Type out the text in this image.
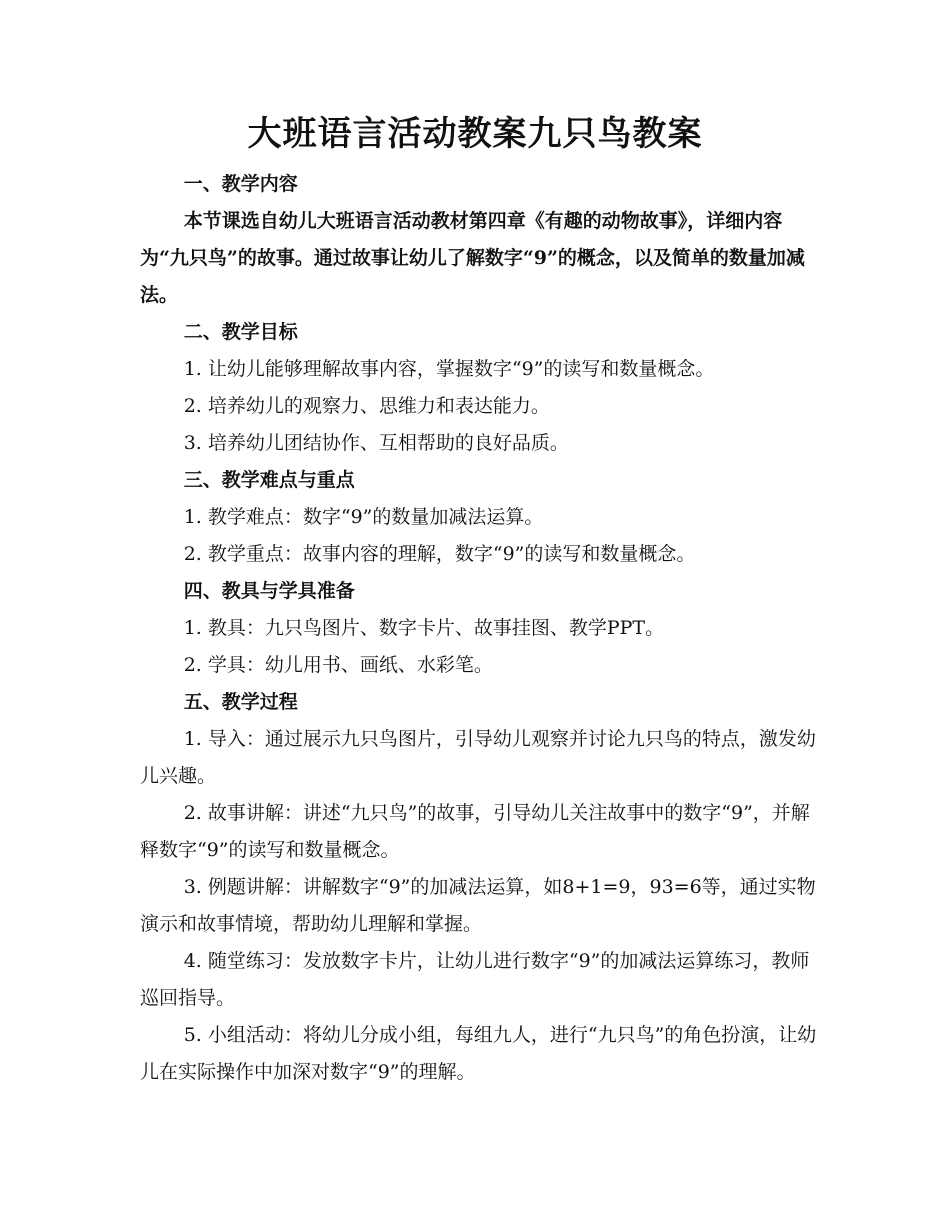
大班语言活动教案九只鸟教案

一、教学内容

本节课选自幼儿大班语言活动教材第四章《有趣的动物故事》，详细内容为“九只鸟”的故事。通过故事让幼儿了解数字“9”的概念，以及简单的数量加减法。

二、教学目标

1. 让幼儿能够理解故事内容，掌握数字“9”的读写和数量概念。

2. 培养幼儿的观察力、思维力和表达能力。

3. 培养幼儿团结协作、互相帮助的良好品质。

三、教学难点与重点

1. 教学难点：数字“9”的数量加减法运算。

2. 教学重点：故事内容的理解，数字“9”的读写和数量概念。

四、教具与学具准备

1. 教具：九只鸟图片、数字卡片、故事挂图、教学PPT。

2. 学具：幼儿用书、画纸、水彩笔。

五、教学过程

1. 导入：通过展示九只鸟图片，引导幼儿观察并讨论九只鸟的特点，激发幼儿兴趣。

2. 故事讲解：讲述“九只鸟”的故事，引导幼儿关注故事中的数字“9”，并解释数字“9”的读写和数量概念。

3. 例题讲解：讲解数字“9”的加减法运算，如8+1=9，93=6等，通过实物演示和故事情境，帮助幼儿理解和掌握。

4. 随堂练习：发放数字卡片，让幼儿进行数字“9”的加减法运算练习，教师巡回指导。

5. 小组活动：将幼儿分成小组，每组九人，进行“九只鸟”的角色扮演，让幼儿在实际操作中加深对数字“9”的理解。
